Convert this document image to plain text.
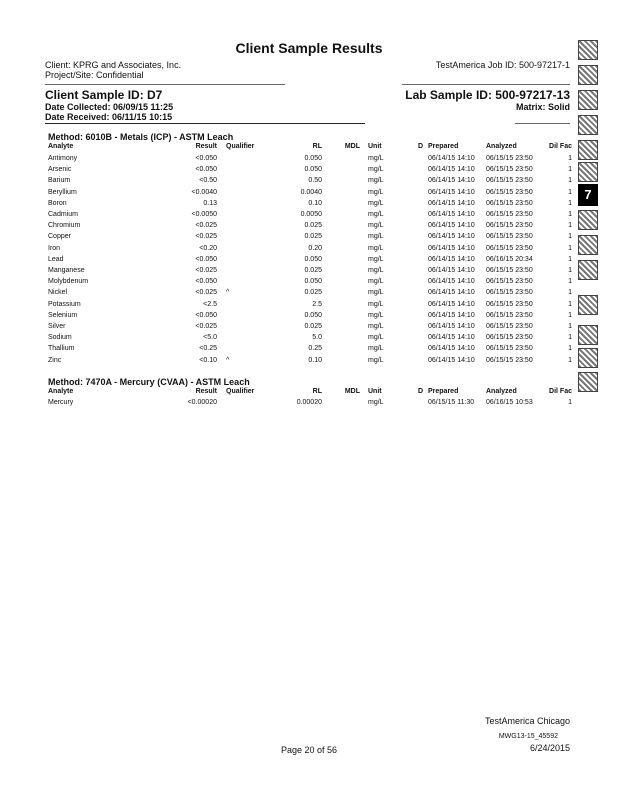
Client Sample Results
Client: KPRG and Associates, Inc.
Project/Site: Confidential
TestAmerica Job ID: 500-97217-1
Client Sample ID: D7	Lab Sample ID: 500-97217-13
Date Collected: 06/09/15 11:25	Matrix: Solid
Date Received: 06/11/15 10:15
Method: 6010B - Metals (ICP) - ASTM Leach
Analyte	Result Qualifier	RL	MDL Unit	D Prepared	Analyzed	Dil Fac
Antimony	<0.050	0.050	mg/L	06/14/15 14:10 06/15/15 23:50	1
Arsenic	<0.050	0.050	mg/L	06/14/15 14:10 06/15/15 23:50	1
Barium	<0.50	0.50	mg/L	06/14/15 14:10 06/15/15 23:50	1
Beryllium	<0.0040	0.0040	mg/L	06/14/15 14:10 06/15/15 23:50	1
Boron	0.13	0.10	mg/L	06/14/15 14:10 06/15/15 23:50	1
Cadmium	<0.0050	0.0050	mg/L	06/14/15 14:10 06/15/15 23:50	1
Chromium	<0.025	0.025	mg/L	06/14/15 14:10 06/15/15 23:50	1
Copper	<0.025	0.025	mg/L	06/14/15 14:10 06/15/15 23:50	1
Iron	<0.20	0.20	mg/L	06/14/15 14:10 06/15/15 23:50	1
Lead	<0.050	0.050	mg/L	06/14/15 14:10 06/16/15 20:34	1
Manganese	<0.025	0.025	mg/L	06/14/15 14:10 06/15/15 23:50	1
Molybdenum	<0.050	0.050	mg/L	06/14/15 14:10 06/15/15 23:50	1
Nickel	<0.025 ^	0.025	mg/L	06/14/15 14:10 06/15/15 23:50	1
Potassium	<2.5	2.5	mg/L	06/14/15 14:10 06/15/15 23:50	1
Selenium	<0.050	0.050	mg/L	06/14/15 14:10 06/15/15 23:50	1
Silver	<0.025	0.025	mg/L	06/14/15 14:10 06/15/15 23:50	1
Sodium	<5.0	5.0	mg/L	06/14/15 14:10 06/15/15 23:50	1
Thallium	<0.25	0.25	mg/L	06/14/15 14:10 06/15/15 23:50	1
Zinc	<0.10 ^	0.10	mg/L	06/14/15 14:10 06/15/15 23:50	1
Method: 7470A - Mercury (CVAA) - ASTM Leach
Analyte	Result Qualifier	RL	MDL Unit	D Prepared	Analyzed	Dil Fac
Mercury	<0.00020	0.00020	mg/L	06/15/15 11:30 06/16/15 10:53	1
7
TestAmerica Chicago
MWG13-15_45592
Page 20 of 56	6/24/2015
